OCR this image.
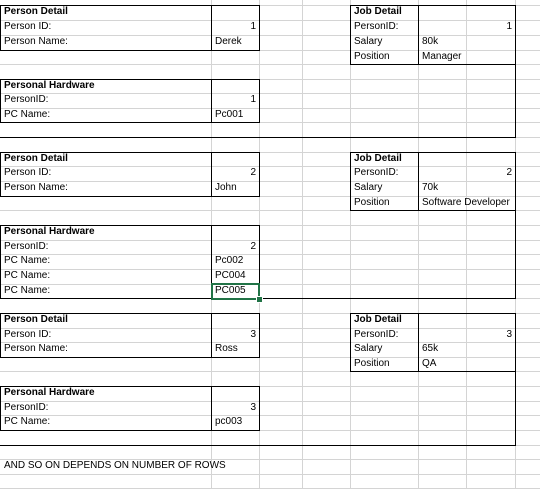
Person Detail
Person ID:	1
Person Name:	Derek
Job Detail
PersonID:	1
Salary	80k
Position	Manager
Personal Hardware
PersonID:	1
PC Name:	Pc001
Person Detail
Person ID:	2
Person Name:	John
Job Detail
PersonID:	2
Salary	70k
Position	Software Developer
Personal Hardware
PersonID:	2
PC Name:	Pc002
PC Name:	PC004
PC Name:	PC005
Person Detail
Person ID:	3
Person Name:	Ross
Job Detail
PersonID:	3
Salary	65k
Position	QA
Personal Hardware
PersonID:	3
PC Name:	pc003
AND SO ON DEPENDS ON NUMBER OF ROWS
